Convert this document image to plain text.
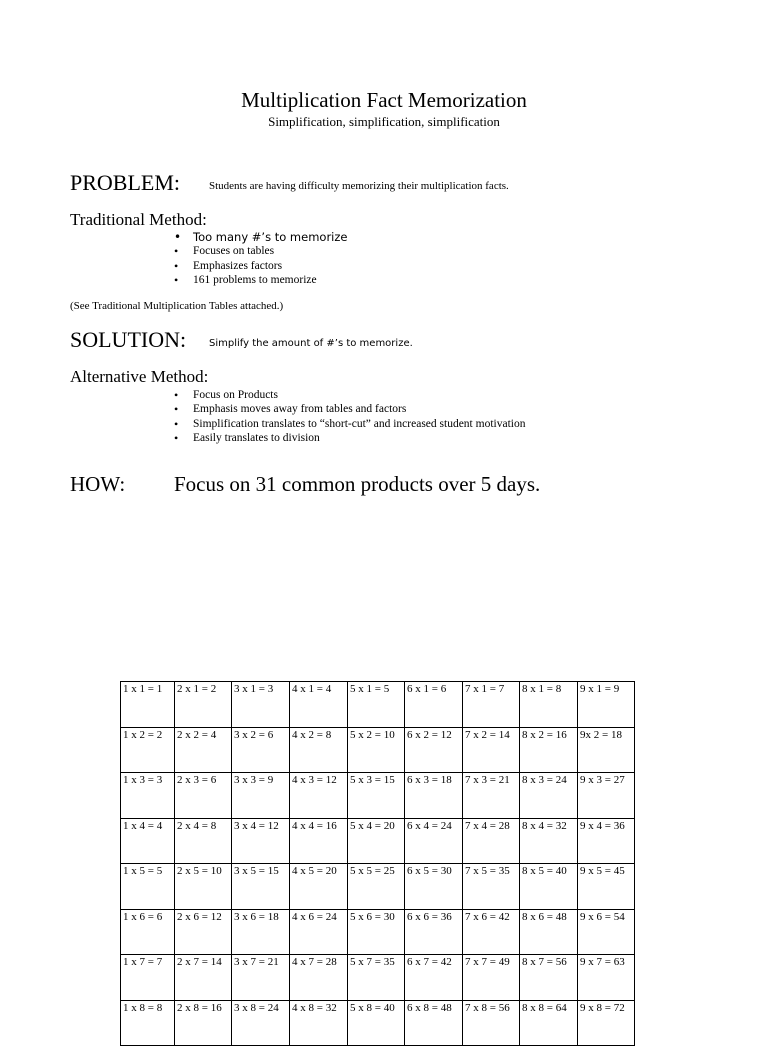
Multiplication Fact Memorization
Simplification, simplification, simplification
PROBLEM:	Students are having difficulty memorizing their multiplication facts.
Traditional Method:
• Too many #’s to memorize
• Focuses on tables
• Emphasizes factors
• 161 problems to memorize
(See Traditional Multiplication Tables attached.)
SOLUTION: Simplify the amount of #’s to memorize.
Alternative Method:
• Focus on Products
• Emphasis moves away from tables and factors
• Simplification translates to “short-cut” and increased student motivation
• Easily translates to division
HOW: Focus on 31 common products over 5 days.
1 x 1 = 1	2 x 1 = 2	3 x 1 = 3	4 x 1 = 4	5 x 1 = 5	6 x 1 = 6	7 x 1 = 7	8 x 1 = 8	9 x 1 = 9
1 x 2 = 2	2 x 2 = 4	3 x 2 = 6	4 x 2 = 8	5 x 2 = 10	6 x 2 = 12	7 x 2 = 14	8 x 2 = 16	9x 2 = 18
1 x 3 = 3	2 x 3 = 6	3 x 3 = 9	4 x 3 = 12	5 x 3 = 15	6 x 3 = 18	7 x 3 = 21	8 x 3 = 24	9 x 3 = 27
1 x 4 = 4	2 x 4 = 8	3 x 4 = 12	4 x 4 = 16	5 x 4 = 20	6 x 4 = 24	7 x 4 = 28	8 x 4 = 32	9 x 4 = 36
1 x 5 = 5	2 x 5 = 10	3 x 5 = 15	4 x 5 = 20	5 x 5 = 25	6 x 5 = 30	7 x 5 = 35	8 x 5 = 40	9 x 5 = 45
1 x 6 = 6	2 x 6 = 12	3 x 6 = 18	4 x 6 = 24	5 x 6 = 30	6 x 6 = 36	7 x 6 = 42	8 x 6 = 48	9 x 6 = 54
1 x 7 = 7	2 x 7 = 14	3 x 7 = 21	4 x 7 = 28	5 x 7 = 35	6 x 7 = 42	7 x 7 = 49	8 x 7 = 56	9 x 7 = 63
1 x 8 = 8	2 x 8 = 16	3 x 8 = 24	4 x 8 = 32	5 x 8 = 40	6 x 8 = 48	7 x 8 = 56	8 x 8 = 64	9 x 8 = 72
